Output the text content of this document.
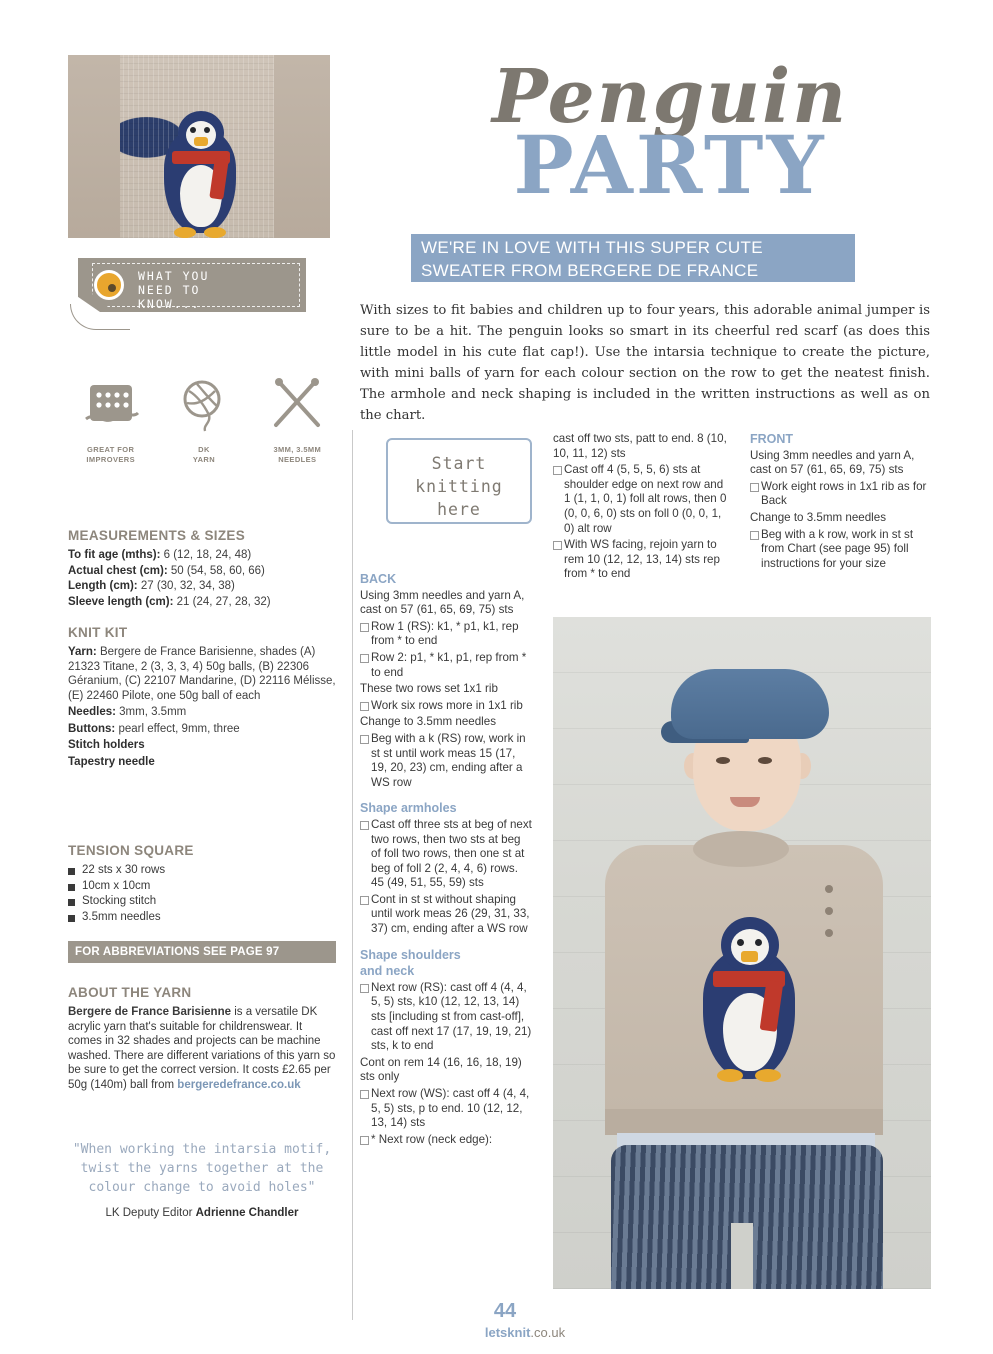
WHAT YOU
NEED TO
KNOW...
GREAT FOR
IMPROVERS
DK
YARN
3MM, 3.5MM
NEEDLES
MEASUREMENTS & SIZES

To fit age (mths): 6 (12, 18, 24, 48)

Actual chest (cm): 50 (54, 58, 60, 66)

Length (cm): 27 (30, 32, 34, 38)

Sleeve length (cm): 21 (24, 27, 28, 32)

KNIT KIT

Yarn: Bergere de France Barisienne, shades (A) 21323 Titane, 2 (3, 3, 3, 4) 50g balls, (B) 22306 Géranium, (C) 22107 Mandarine, (D) 22116 Mélisse, (E) 22460 Pilote, one 50g ball of each

Needles: 3mm, 3.5mm

Buttons: pearl effect, 9mm, three

Stitch holders

Tapestry needle

TENSION SQUARE
22 sts x 30 rows
10cm x 10cm
Stocking stitch
3.5mm needles
FOR ABBREVIATIONS SEE PAGE 97
ABOUT THE YARN

Bergere de France Barisienne is a versatile DK acrylic yarn that's suitable for childrenswear. It comes in 32 shades and projects can be machine washed. There are different variations of this yarn so be sure to get the correct version. It costs £2.65 per 50g (140m) ball from bergeredefrance.co.uk

"When working the intarsia motif, twist the yarns together at the colour change to avoid holes"
LK Deputy Editor Adrienne Chandler
Penguin
PARTY
WE'RE IN LOVE WITH THIS SUPER CUTE SWEATER FROM BERGERE DE FRANCE
With sizes to fit babies and children up to four years, this adorable animal jumper is sure to be a hit. The penguin looks so smart in its cheerful red scarf (as does this little model in his cute flat cap!). Use the intarsia technique to create the picture, with mini balls of yarn for each colour section on the row to get the neatest finish. The armhole and neck shaping is included in the written instructions as well as on the chart.
Start
knitting
here
BACK

Using 3mm needles and yarn A, cast on 57 (61, 65, 69, 75) sts

Row 1 (RS): k1, * p1, k1, rep from * to end

Row 2: p1, * k1, p1, rep from * to end

These two rows set 1x1 rib

Work six rows more in 1x1 rib

Change to 3.5mm needles

Beg with a k (RS) row, work in st st until work meas 15 (17, 19, 20, 23) cm, ending after a WS row

Shape armholes

Cast off three sts at beg of next two rows, then two sts at beg of foll two rows, then one st at beg of foll 2 (2, 4, 4, 6) rows. 45 (49, 51, 55, 59) sts

Cont in st st without shaping until work meas 26 (29, 31, 33, 37) cm, ending after a WS row

Shape shoulders
and neck

Next row (RS): cast off 4 (4, 4, 5, 5) sts, k10 (12, 12, 13, 14) sts [including st from cast-off], cast off next 17 (17, 19, 19, 21) sts, k to end

Cont on rem 14 (16, 16, 18, 19) sts only

Next row (WS): cast off 4 (4, 4, 5, 5) sts, p to end. 10 (12, 12, 13, 14) sts

* Next row (neck edge):

cast off two sts, patt to end. 8 (10, 10, 11, 12) sts

Cast off 4 (5, 5, 5, 6) sts at shoulder edge on next row and 1 (1, 1, 0, 1) foll alt rows, then 0 (0, 0, 6, 0) sts on foll 0 (0, 0, 1, 0) alt row

With WS facing, rejoin yarn to rem 10 (12, 12, 13, 14) sts rep from * to end

FRONT

Using 3mm needles and yarn A, cast on 57 (61, 65, 69, 75) sts

Work eight rows in 1x1 rib as for Back

Change to 3.5mm needles

Beg with a k row, work in st st from Chart (see page 95) foll instructions for your size

44
letsknit.co.uk
